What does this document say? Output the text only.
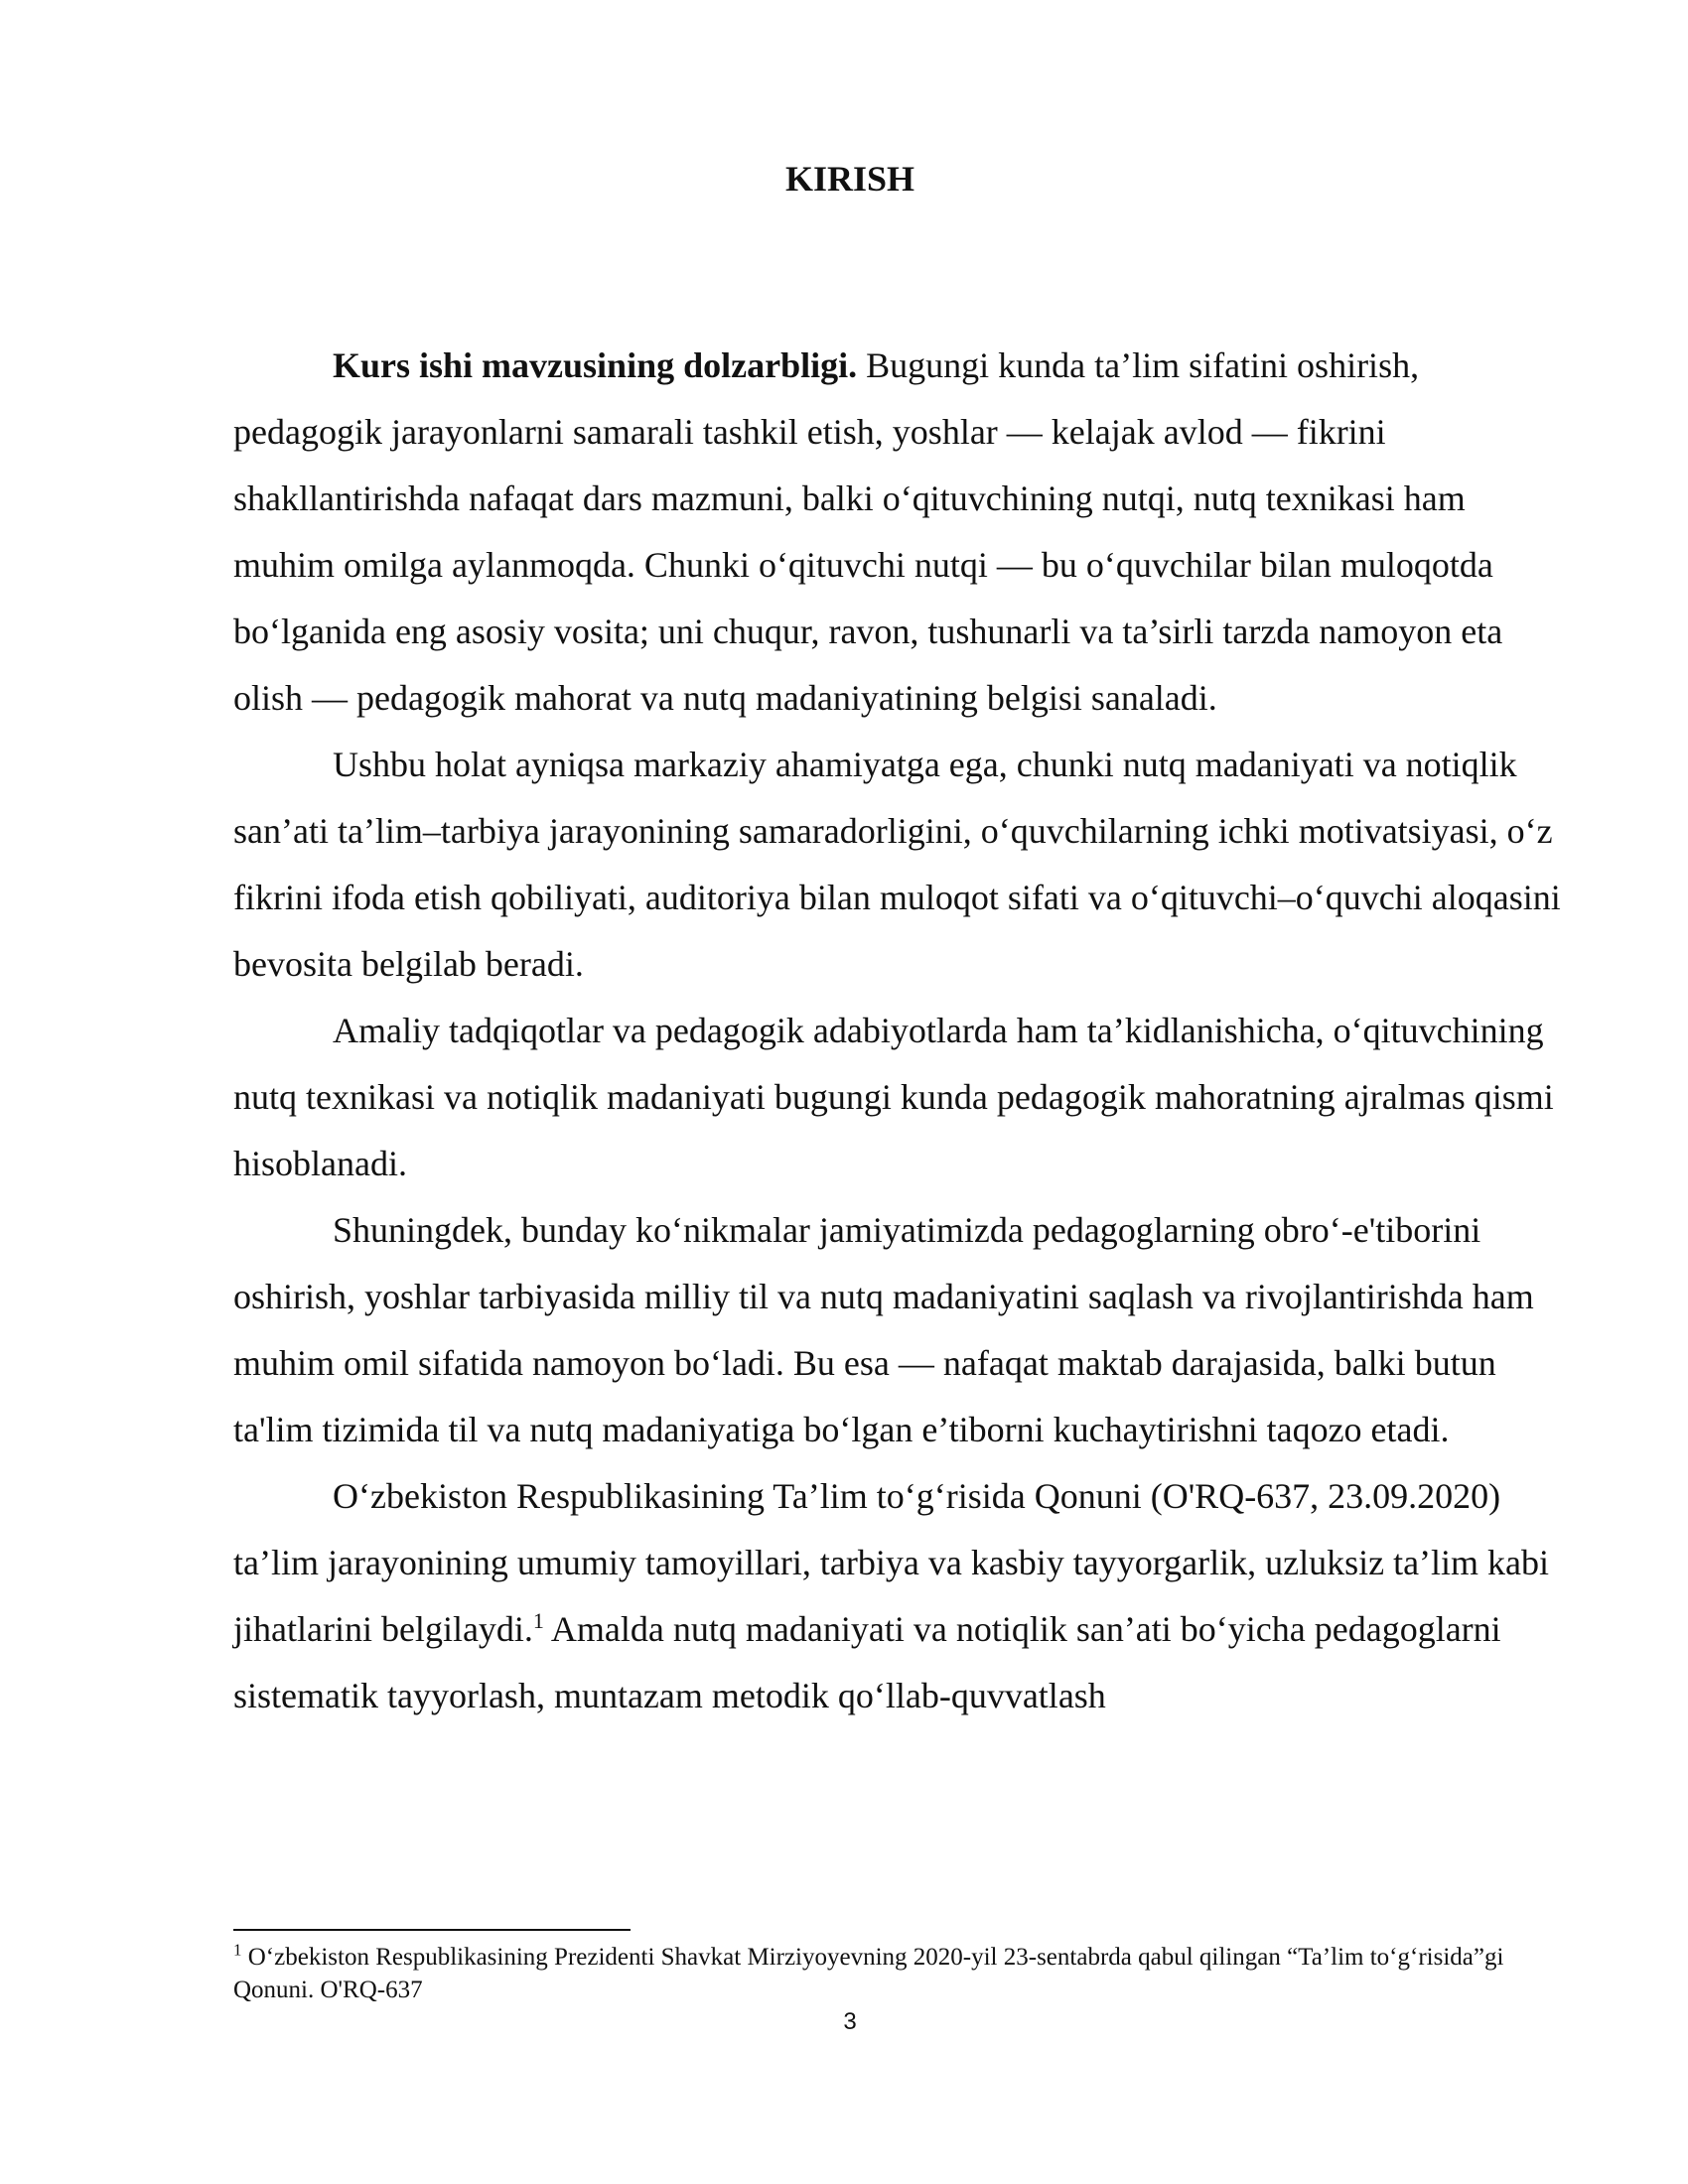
KIRISH

Kurs ishi mavzusining dolzarbligi. Bugungi kunda ta’lim sifatini oshirish, pedagogik jarayonlarni samarali tashkil etish, yoshlar — kelajak avlod — fikrini shakllantirishda nafaqat dars mazmuni, balki o‘qituvchining nutqi, nutq texnikasi ham muhim omilga aylanmoqda. Chunki o‘qituvchi nutqi — bu o‘quvchilar bilan muloqotda bo‘lganida eng asosiy vosita; uni chuqur, ravon, tushunarli va ta’sirli tarzda namoyon eta olish — pedagogik mahorat va nutq madaniyatining belgisi sanaladi.

Ushbu holat ayniqsa markaziy ahamiyatga ega, chunki nutq madaniyati va notiqlik san’ati ta’lim–tarbiya jarayonining samaradorligini, o‘quvchilarning ichki motivatsiyasi, o‘z fikrini ifoda etish qobiliyati, auditoriya bilan muloqot sifati va o‘qituvchi–o‘quvchi aloqasini bevosita belgilab beradi.

Amaliy tadqiqotlar va pedagogik adabiyotlarda ham ta’kidlanishicha, o‘qituvchining nutq texnikasi va notiqlik madaniyati bugungi kunda pedagogik mahoratning ajralmas qismi hisoblanadi.

Shuningdek, bunday ko‘nikmalar jamiyatimizda pedagoglarning obro‘-e'tiborini oshirish, yoshlar tarbiyasida milliy til va nutq madaniyatini saqlash va rivojlantirishda ham muhim omil sifatida namoyon bo‘ladi. Bu esa — nafaqat maktab darajasida, balki butun ta'lim tizimida til va nutq madaniyatiga bo‘lgan e’tiborni kuchaytirishni taqozo etadi.

O‘zbekiston Respublikasining Ta’lim to‘g‘risida Qonuni (O'RQ-637, 23.09.2020) ta’lim jarayonining umumiy tamoyillari, tarbiya va kasbiy tayyorgarlik, uzluksiz ta’lim kabi jihatlarini belgilaydi.$^1$ Amalda nutq madaniyati va notiqlik san’ati bo‘yicha pedagoglarni sistematik tayyorlash, muntazam metodik qo‘llab-quvvatlash

$^1$ O‘zbekiston Respublikasining Prezidenti Shavkat Mirziyoyevning 2020-yil 23-sentabrda qabul qilingan “Ta’lim to‘g‘risida”gi Qonuni. O'RQ-637
3
